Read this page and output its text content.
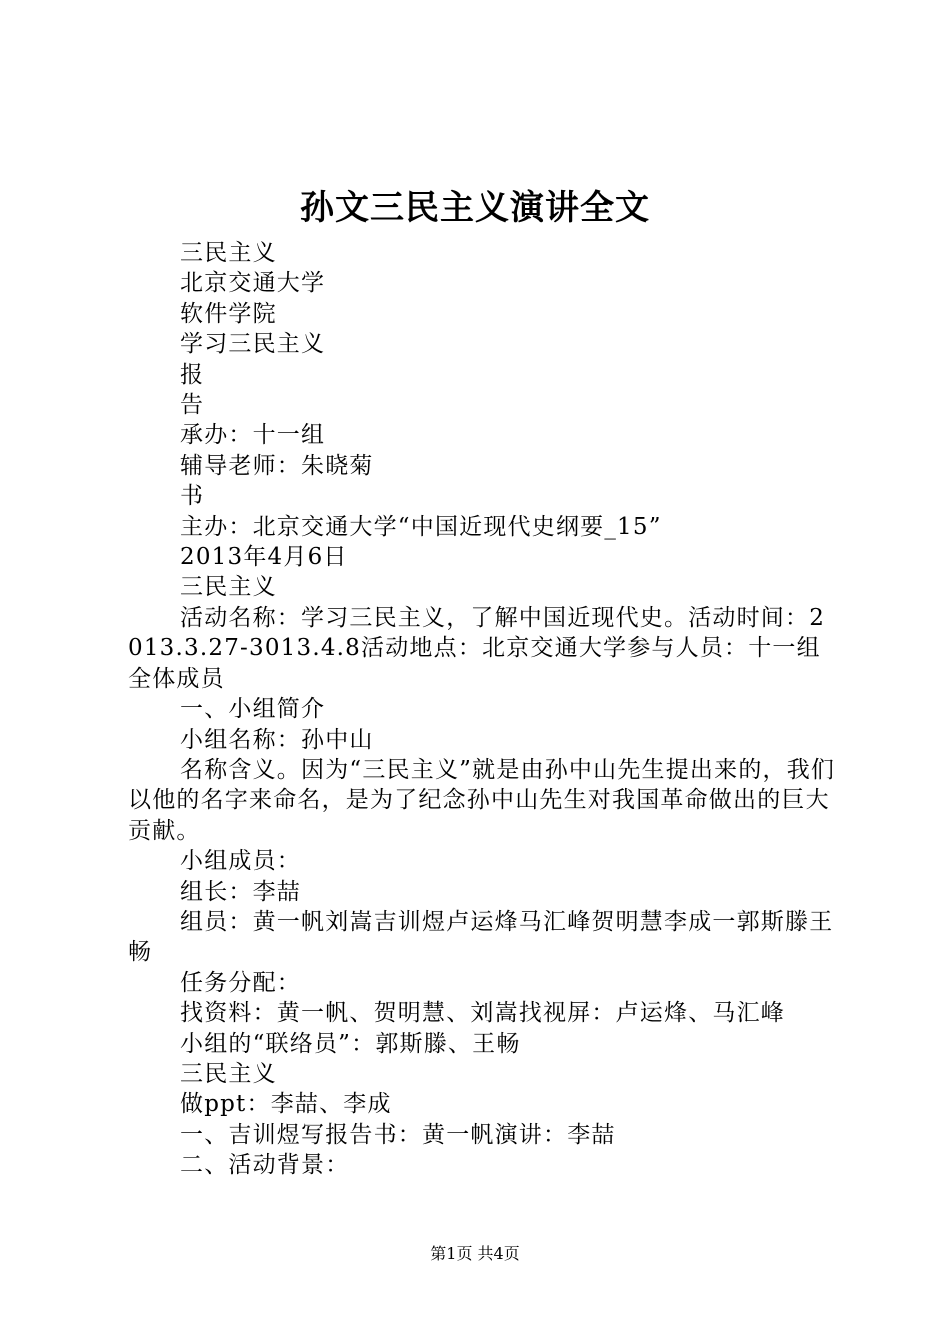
孙文三民主义演讲全文

三民主义

北京交通大学

软件学院

学习三民主义

报

告

承办：十一组

辅导老师：朱晓菊

书

主办：北京交通大学“中国近现代史纲要_15”

2013年4月6日

三民主义

活动名称：学习三民主义，了解中国近现代史。活动时间：2013.3.27-3013.4.8活动地点：北京交通大学参与人员：十一组全体成员

一、小组简介

小组名称：孙中山

名称含义。因为“三民主义”就是由孙中山先生提出来的，我们以他的名字来命名，是为了纪念孙中山先生对我国革命做出的巨大贡献。

小组成员：

组长：李喆

组员：黄一帆刘嵩吉训煜卢运烽马汇峰贺明慧李成一郭斯滕王畅

任务分配：

找资料：黄一帆、贺明慧、刘嵩找视屏：卢运烽、马汇峰

小组的“联络员”：郭斯滕、王畅

三民主义

做ppt：李喆、李成

一、吉训煜写报告书：黄一帆演讲：李喆

二、活动背景：

第1页 共4页
